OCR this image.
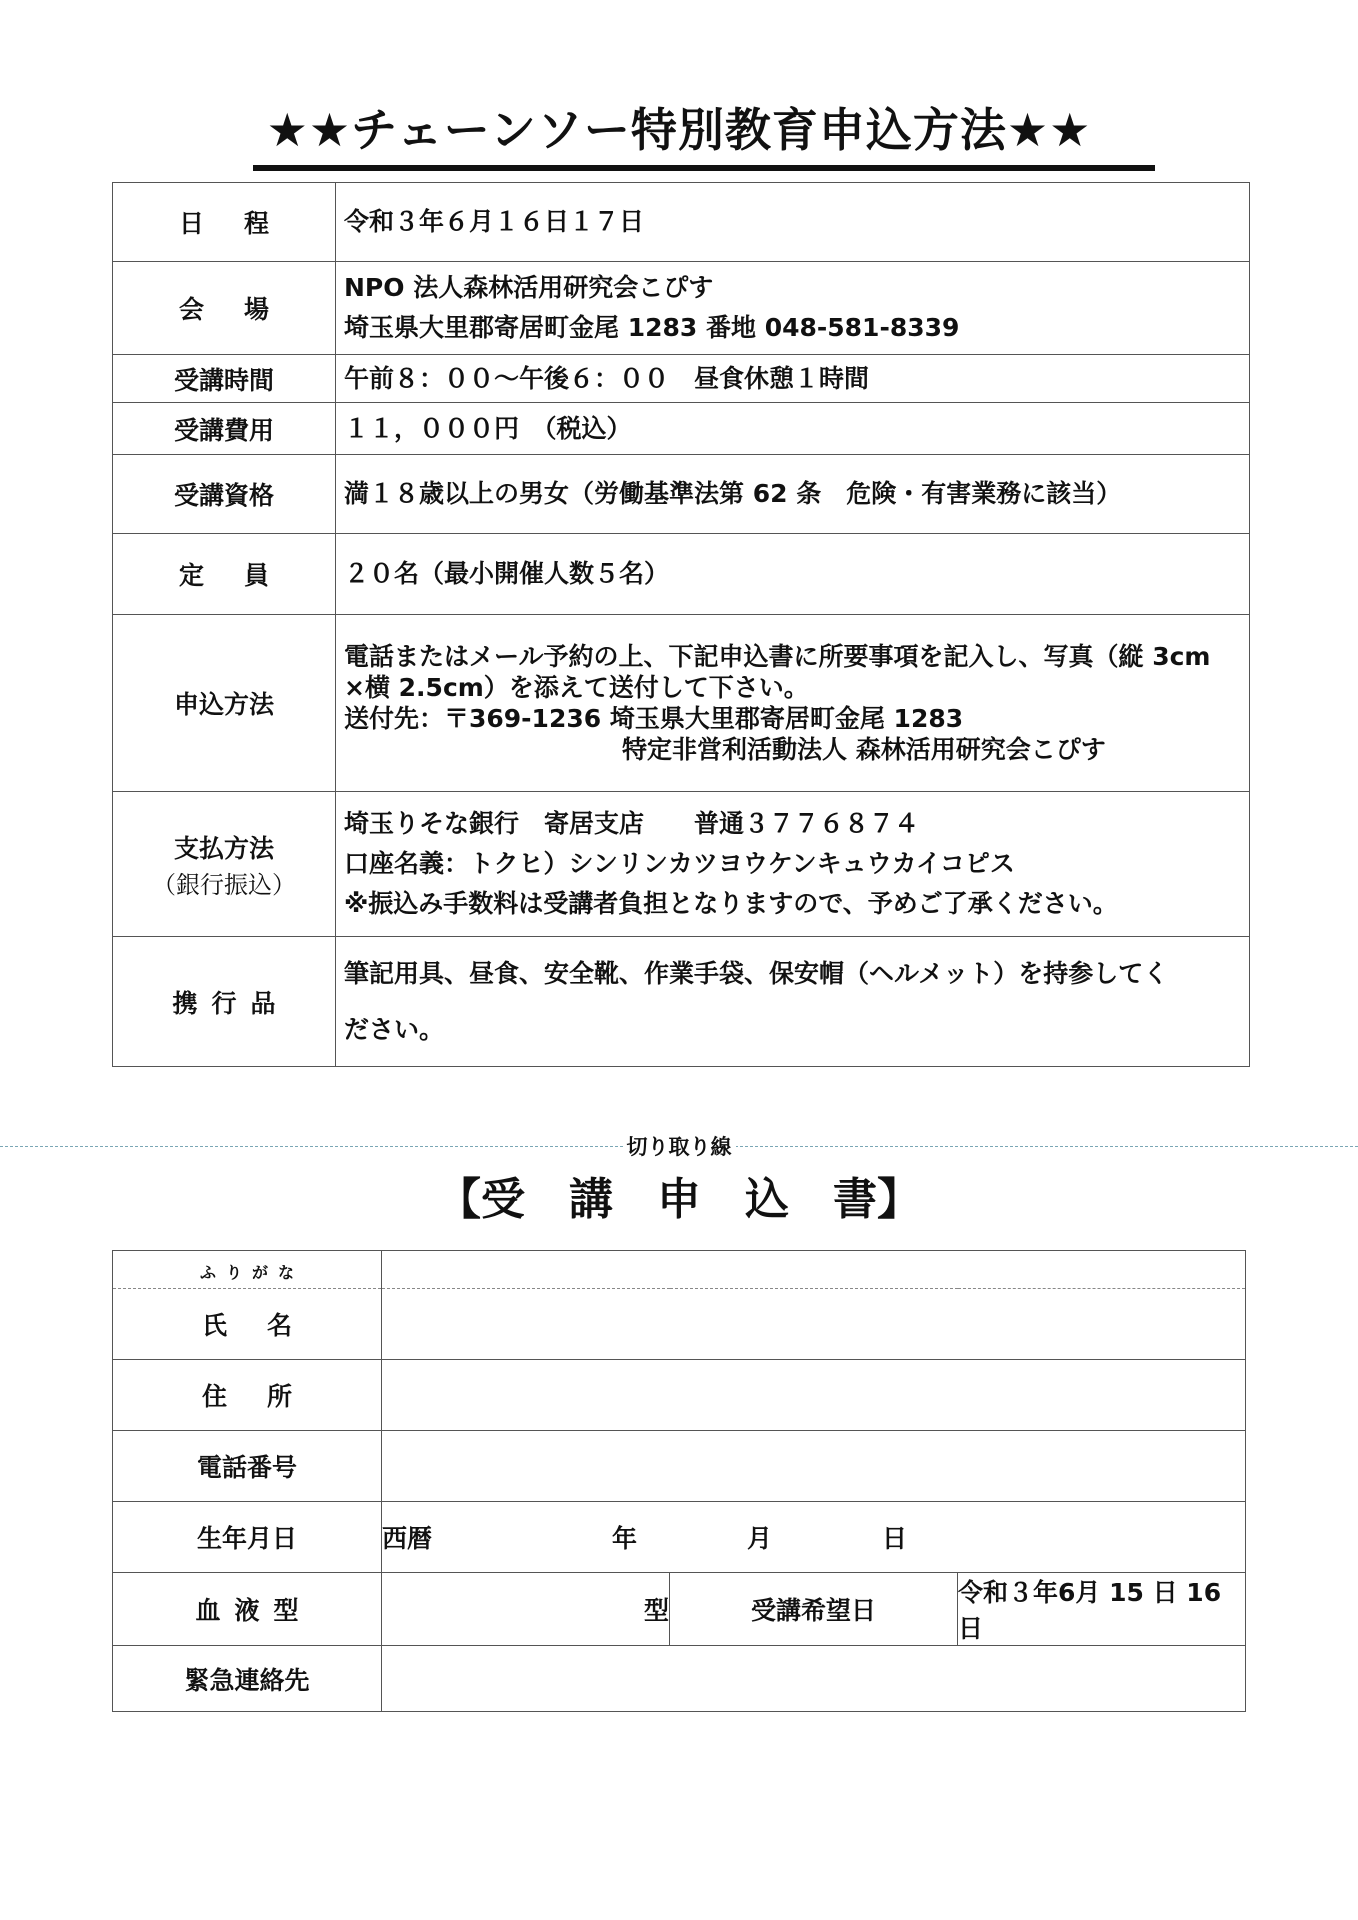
★★チェーンソー特別教育申込方法★★
日程	令和３年６月１６日１７日
会場	NPO 法人森林活用研究会こぴす
埼玉県大里郡寄居町金尾 1283 番地 048-581-8339

受講時間	午前８：００～午後６：００　昼食休憩１時間
受講費用	１１，０００円　（税込）
受講資格	満１８歳以上の男女（労働基準法第 62 条　危険・有害業務に該当）
定員	２０名（最小開催人数５名）
申込方法	電話またはメール予約の上、下記申込書に所要事項を記入し、写真（縦 3cm
×横 2.5cm）を添えて送付して下さい。
送付先：〒369-1236 埼玉県大里郡寄居町金尾 1283
特定非営利活動法人 森林活用研究会こぴす

支払方法
（銀行振込）	埼玉りそな銀行　寄居支店　　普通３７７６８７４
口座名義：トクヒ）シンリンカツヨウケンキュウカイコピス
※振込み手数料は受講者負担となりますので、予めご了承ください。

携行品	筆記用具、昼食、安全靴、作業手袋、保安帽（ヘルメット）を持参してく
ださい。
切り取り線
【受　講　申　込　書】
ふりがな			
氏名			
住所			
電話番号			
生年月日	西暦 年 月 日		
血液型	型	受講希望日	令和３年6月 15 日 16 日
緊急連絡先			
